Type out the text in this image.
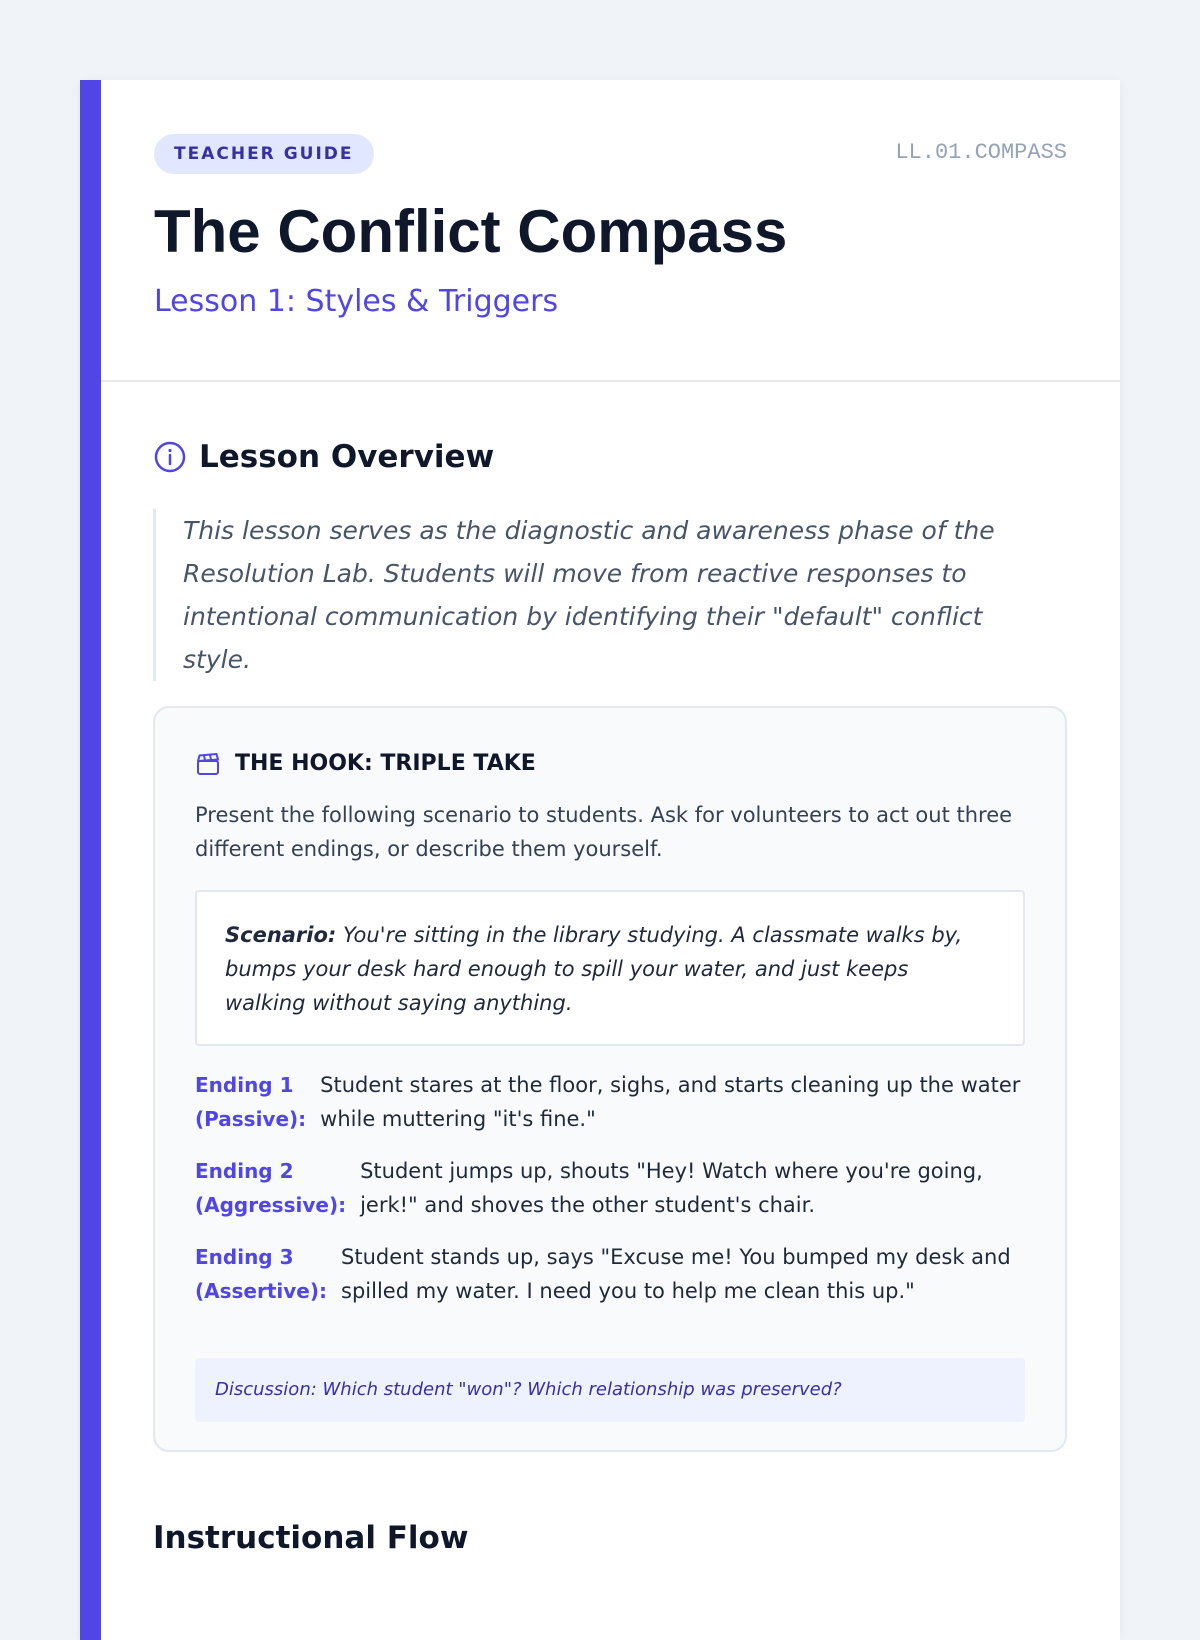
TEACHER GUIDE	LL.01.COMPASS
The Conflict Compass
Lesson 1: Styles & Triggers
Lesson Overview
This lesson serves as the diagnostic and awareness phase of the Resolution Lab. Students will move from reactive responses to intentional communication by identifying their "default" conflict style.
THE HOOK: TRIPLE TAKE
Present the following scenario to students. Ask for volunteers to act out three different endings, or describe them yourself.
Scenario: You're sitting in the library studying. A classmate walks by, bumps your desk hard enough to spill your water, and just keeps walking without saying anything.
Ending 1
(Passive):
Student stares at the floor, sighs, and starts cleaning up the water while muttering "it's fine."
Ending 2
(Aggressive):
Student jumps up, shouts "Hey! Watch where you're going, jerk!" and shoves the other student's chair.
Ending 3
(Assertive):
Student stands up, says "Excuse me! You bumped my desk and spilled my water. I need you to help me clean this up."
Discussion: Which student "won"? Which relationship was preserved?
Instructional Flow
